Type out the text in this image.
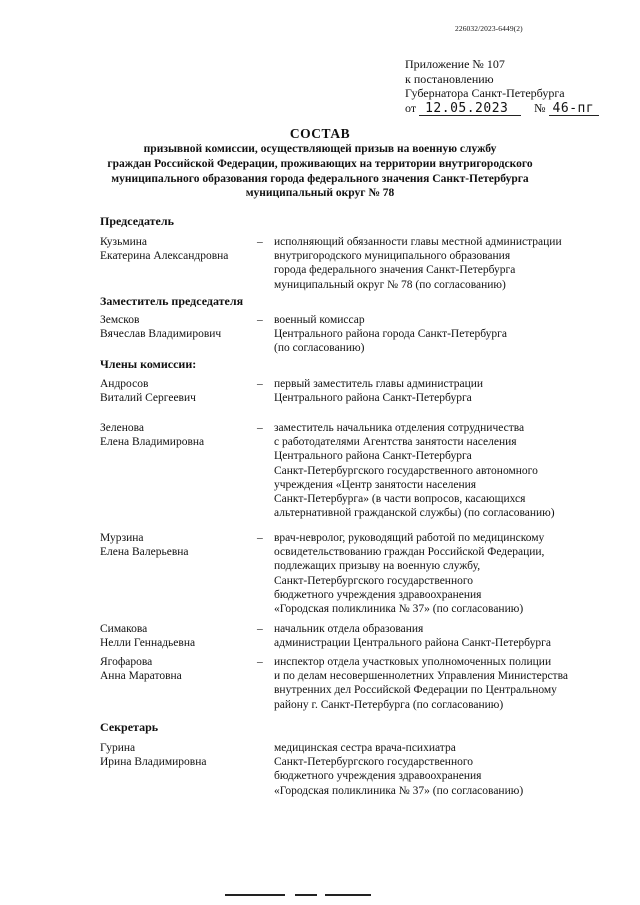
226032/2023-6449(2)
Приложение № 107
к постановлению
Губернатора Санкт-Петербурга
от 12.05.2023 № 46-пг
СОСТАВ
призывной комиссии, осуществляющей призыв на военную службу
граждан Российской Федерации, проживающих на территории внутригородского
муниципального образования города федерального значения Санкт-Петербурга
муниципальный округ № 78
Председатель
Кузьмина
Екатерина Александровна
– исполняющий обязанности главы местной администрации
внутригородского муниципального образования
города федерального значения Санкт-Петербурга
муниципальный округ № 78 (по согласованию)
Заместитель председателя
Земсков
Вячеслав Владимирович
– военный комиссар
Центрального района города Санкт-Петербурга
(по согласованию)
Члены комиссии:
Андросов
Виталий Сергеевич
– первый заместитель главы администрации
Центрального района Санкт-Петербурга
Зеленова
Елена Владимировна
– заместитель начальника отделения сотрудничества
с работодателями Агентства занятости населения
Центрального района Санкт-Петербурга
Санкт-Петербургского государственного автономного
учреждения «Центр занятости населения
Санкт-Петербурга» (в части вопросов, касающихся
альтернативной гражданской службы) (по согласованию)
Мурзина
Елена Валерьевна
– врач-невролог, руководящий работой по медицинскому
освидетельствованию граждан Российской Федерации,
подлежащих призыву на военную службу,
Санкт-Петербургского государственного
бюджетного учреждения здравоохранения
«Городская поликлиника № 37» (по согласованию)
Симакова
Нелли Геннадьевна
– начальник отдела образования
администрации Центрального района Санкт-Петербурга
Ягофарова
Анна Маратовна
– инспектор отдела участковых уполномоченных полиции
и по делам несовершеннолетних Управления Министерства
внутренних дел Российской Федерации по Центральному
району г. Санкт-Петербурга (по согласованию)
Секретарь
Гурина
Ирина Владимировна
медицинская сестра врача-психиатра
Санкт-Петербургского государственного
бюджетного учреждения здравоохранения
«Городская поликлиника № 37» (по согласованию)
